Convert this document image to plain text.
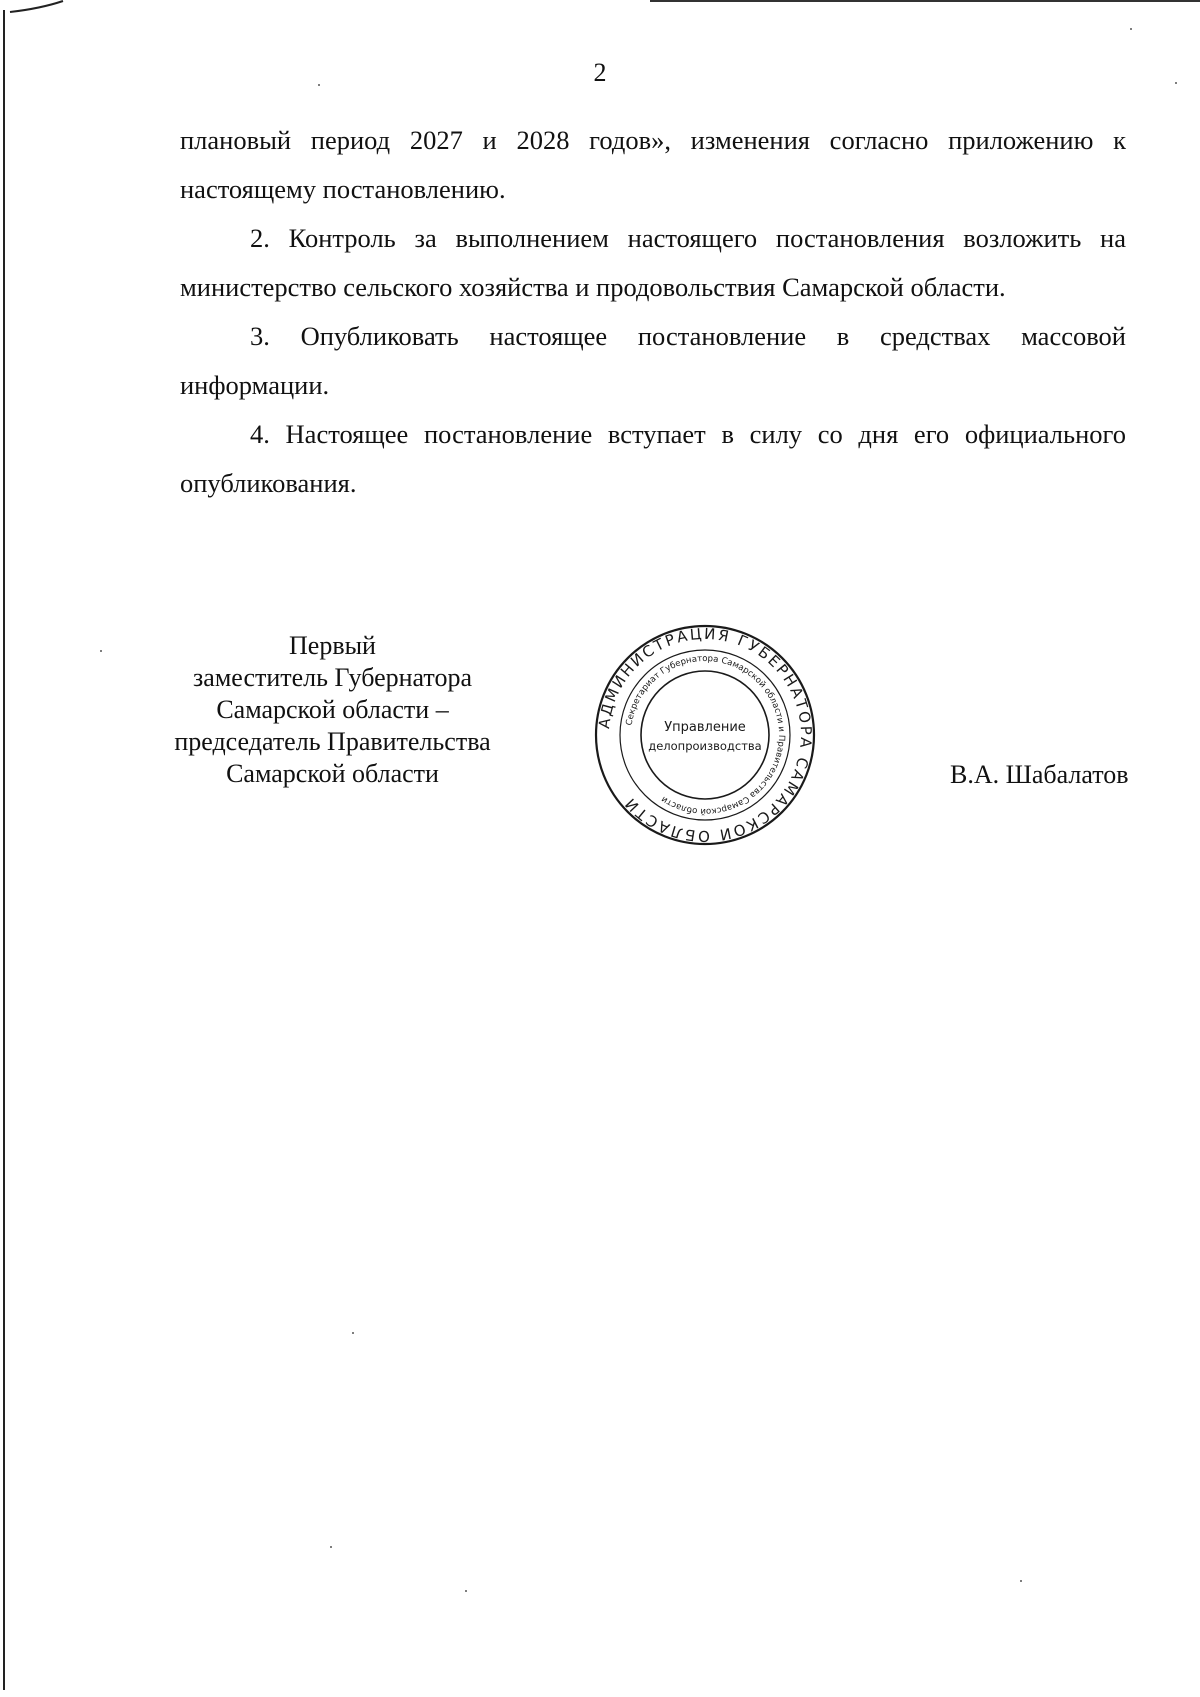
2

плановый период 2027 и 2028 годов», изменения согласно приложению к настоящему постановлению.

2. Контроль за выполнением настоящего постановления возложить на министерство сельского хозяйства и продовольствия Самарской области.

3. Опубликовать настоящее постановление в средствах массовой информации.

4. Настоящее постановление вступает в силу со дня его официального опубликования.

Первый
заместитель Губернатора
Самарской области –
председатель Правительства
Самарской области
АДМИНИСТРАЦИЯ ГУБЕРНАТОРА САМАРСКОЙ ОБЛАСТИ
Секретариат Губернатора Самарской области и Правительства Самарской области
Управление
делопроизводства
В.А. Шабалатов
